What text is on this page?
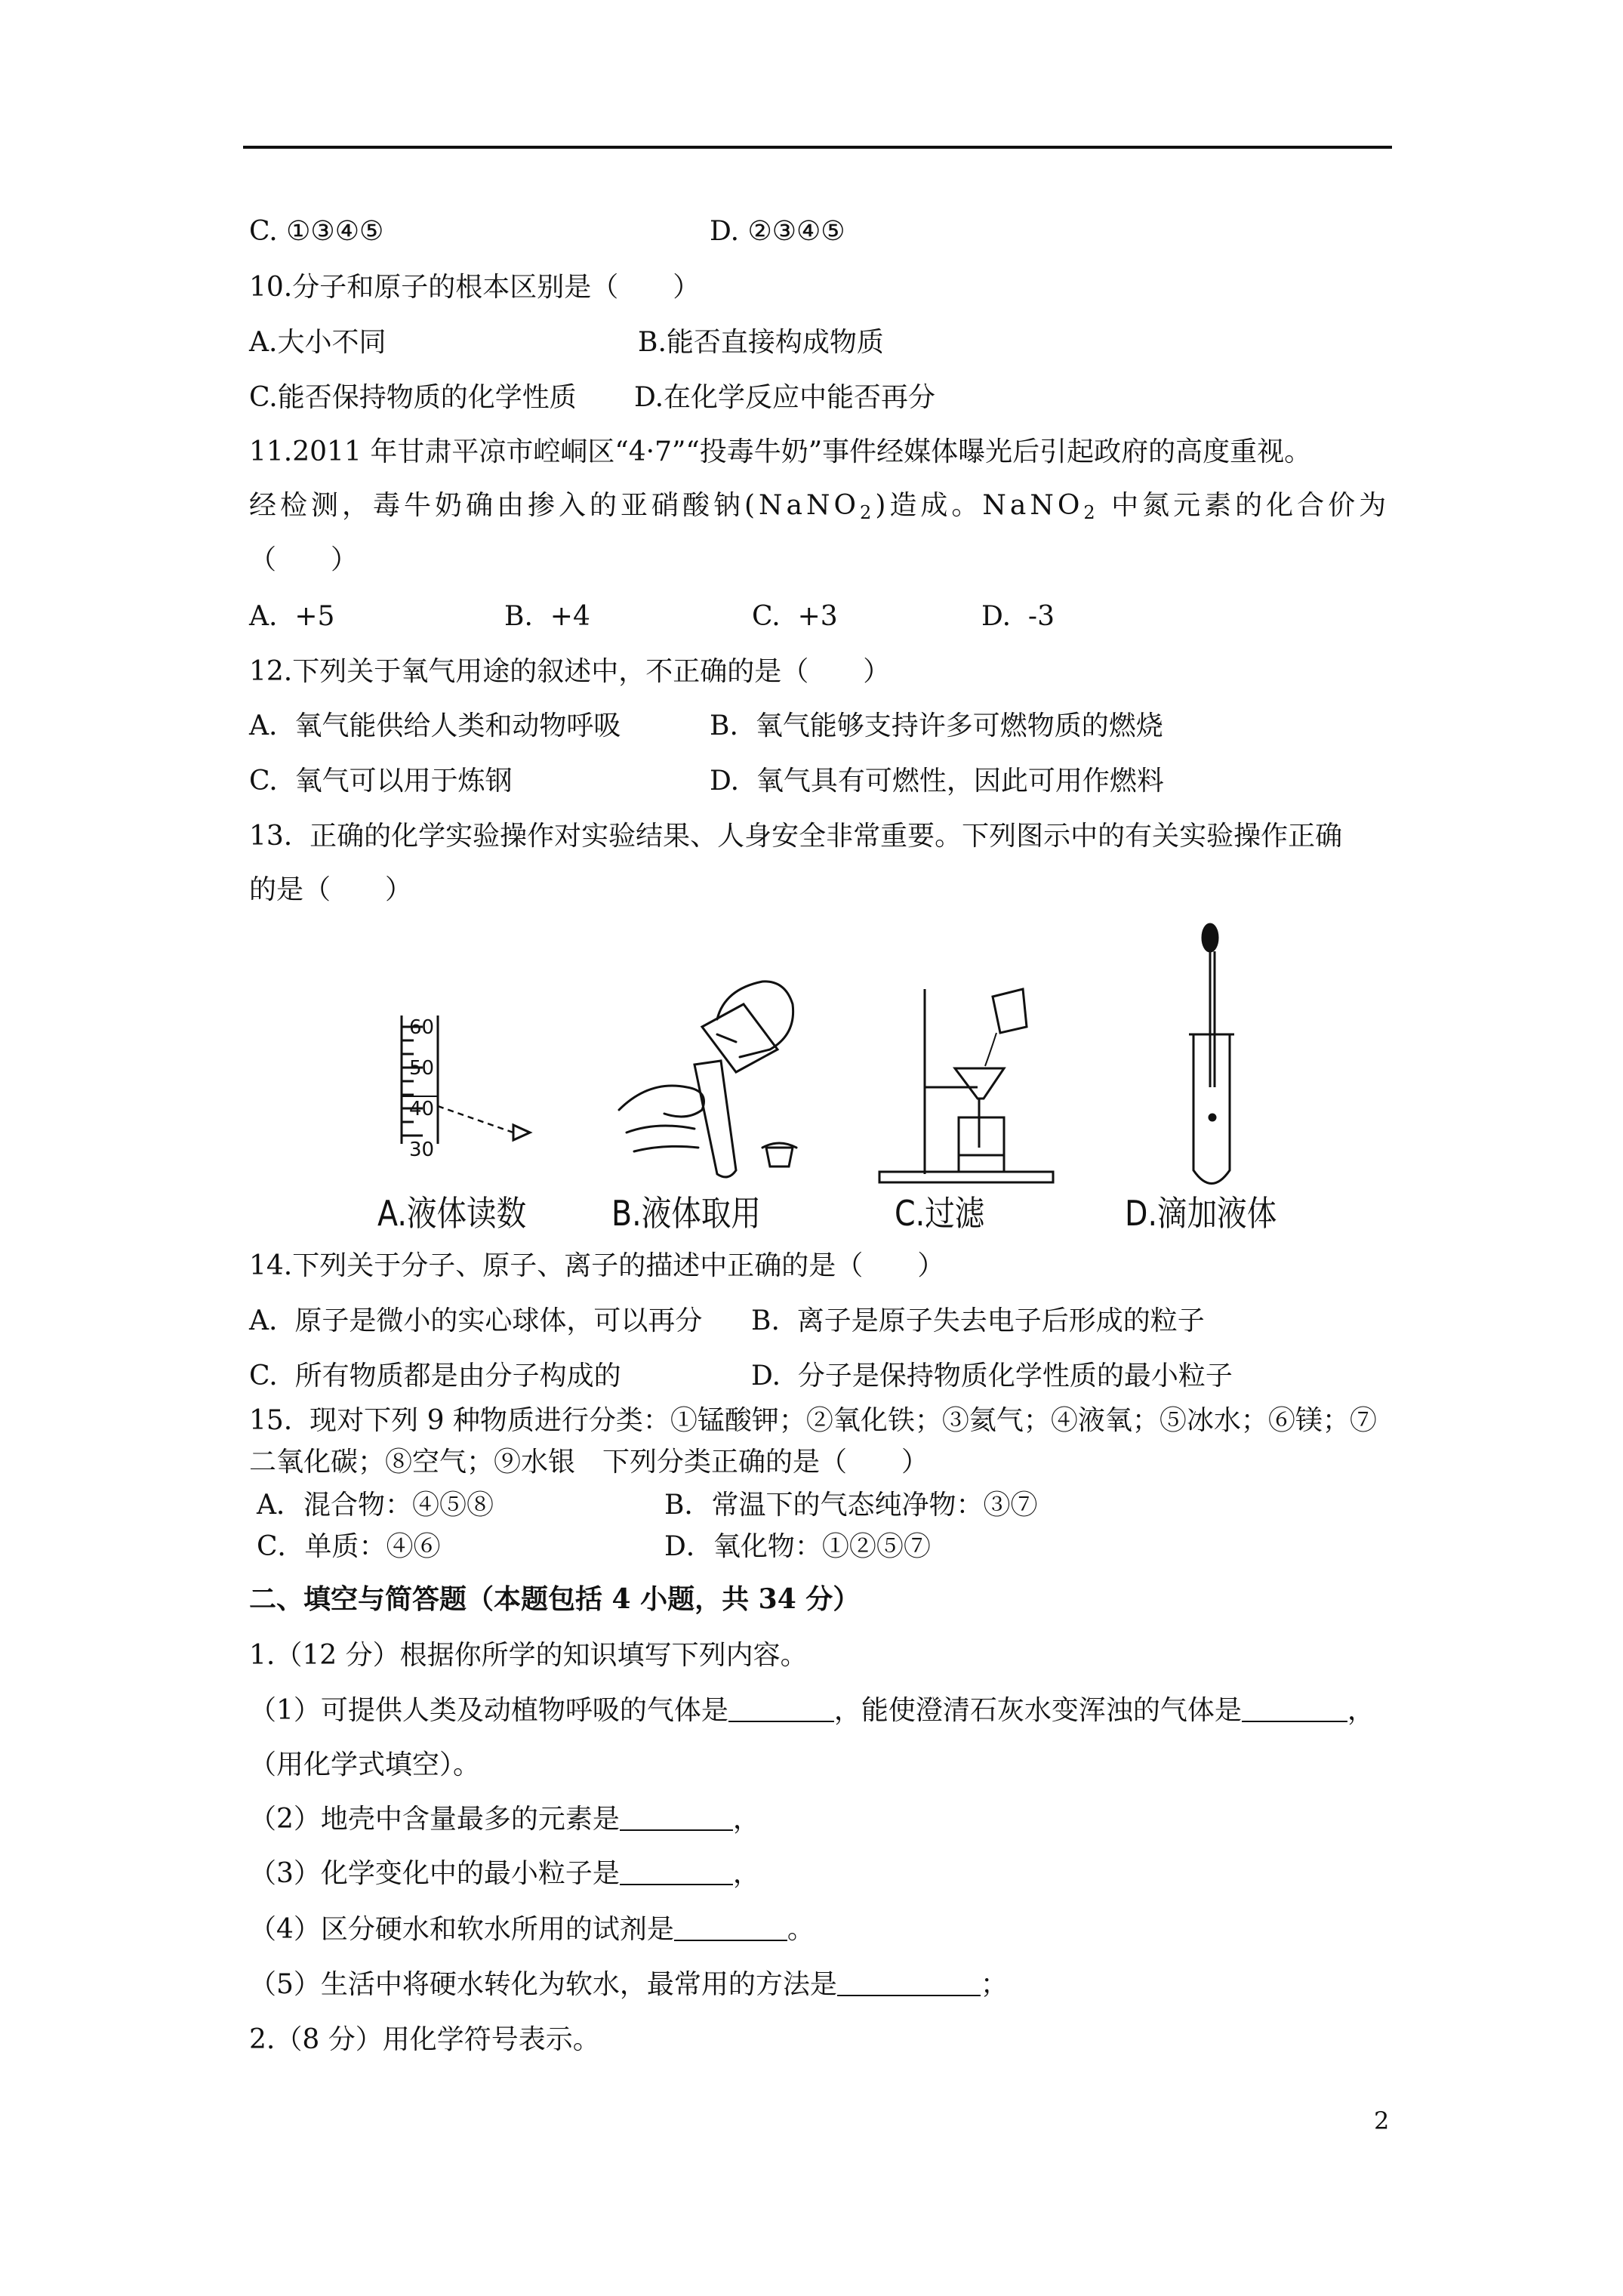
C. ①③④⑤	D. ②③④⑤
10.分子和原子的根本区别是（　　）
A.大小不同	B.能否直接构成物质
C.能否保持物质的化学性质 D.在化学反应中能否再分
11.2011 年甘肃平凉市崆峒区“4·7”“投毒牛奶”事件经媒体曝光后引起政府的高度重视。
经检测，毒牛奶确由掺入的亚硝酸钠(NaNO$_2$)造成。NaNO$_2$ 中氮元素的化合价为
（　　）
A.  +5	B.  +4	C.  +3	D.  -3
12.下列关于氧气用途的叙述中，不正确的是（　　）
A.  氧气能供给人类和动物呼吸	B.  氧气能够支持许多可燃物质的燃烧
C.  氧气可以用于炼钢	D.  氧气具有可燃性，因此可用作燃料
13.  正确的化学实验操作对实验结果、人身安全非常重要。下列图示中的有关实验操作正确
的是（　　）
60
50
40
30
A.液体读数 B.液体取用	C.过滤	D.滴加液体
14.下列关于分子、原子、离子的描述中正确的是（　　）
A.  原子是微小的实心球体，可以再分 B.  离子是原子失去电子后形成的粒子
C.  所有物质都是由分子构成的	D.  分子是保持物质化学性质的最小粒子
15.  现对下列 9 种物质进行分类：①锰酸钾；②氧化铁；③氦气；④液氧；⑤冰水；⑥镁；⑦
二氧化碳；⑧空气；⑨水银　下列分类正确的是（　　）
A．混合物：④⑤⑧	B．常温下的气态纯净物：③⑦
C．单质：④⑥	D．氧化物：①②⑤⑦
二、填空与简答题（本题包括 4 小题，共 34 分）
1.（12 分）根据你所学的知识填写下列内容。
（1）可提供人类及动植物呼吸的气体是	，能使澄清石灰水变浑浊的气体是	，
（用化学式填空）。
（2）地壳中含量最多的元素是	，
（3）化学变化中的最小粒子是	，
（4）区分硬水和软水所用的试剂是	。
（5）生活中将硬水转化为软水，最常用的方法是	；
2.（8 分）用化学符号表示。
2
